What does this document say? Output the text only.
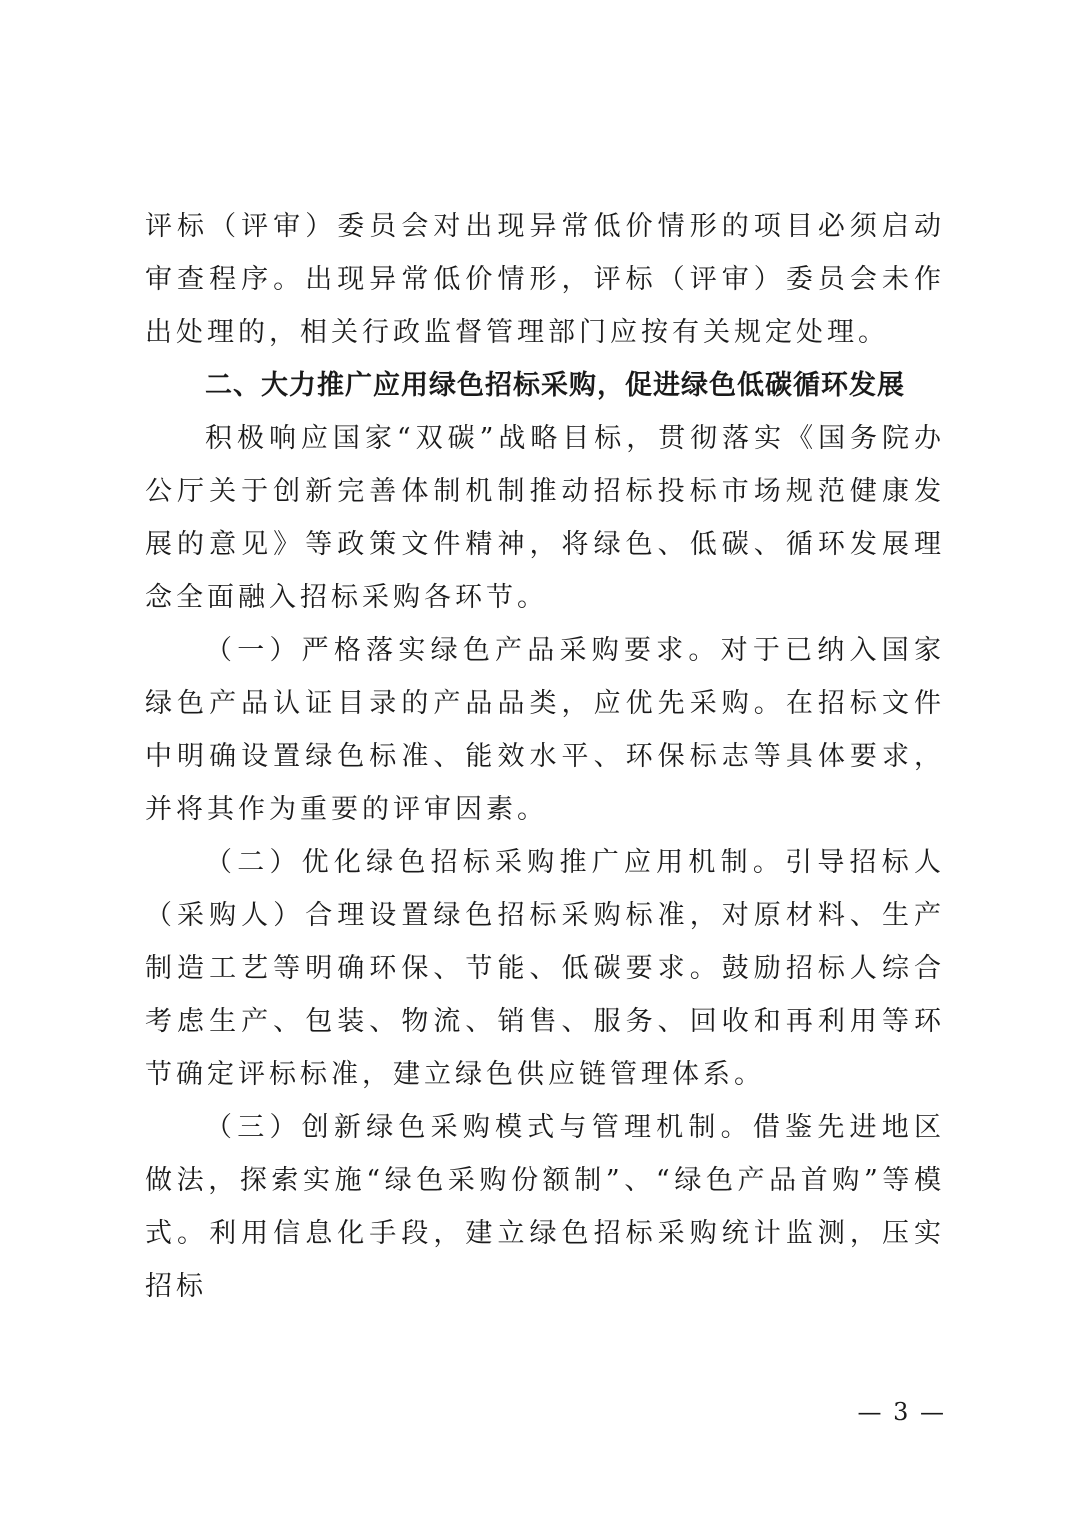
评标（评审）委员会对出现异常低价情形的项目必须启动审查程序。出现异常低价情形，评标（评审）委员会未作出处理的，相关行政监督管理部门应按有关规定处理。

二、大力推广应用绿色招标采购，促进绿色低碳循环发展

积极响应国家“双碳”战略目标，贯彻落实《国务院办公厅关于创新完善体制机制推动招标投标市场规范健康发展的意见》等政策文件精神，将绿色、低碳、循环发展理念全面融入招标采购各环节。

（一）严格落实绿色产品采购要求。对于已纳入国家绿色产品认证目录的产品品类，应优先采购。在招标文件中明确设置绿色标准、能效水平、环保标志等具体要求，并将其作为重要的评审因素。

（二）优化绿色招标采购推广应用机制。引导招标人（采购人）合理设置绿色招标采购标准，对原材料、生产制造工艺等明确环保、节能、低碳要求。鼓励招标人综合考虑生产、包装、物流、销售、服务、回收和再利用等环节确定评标标准，建立绿色供应链管理体系。

（三）创新绿色采购模式与管理机制。借鉴先进地区做法，探索实施“绿色采购份额制”、“绿色产品首购”等模式。利用信息化手段，建立绿色招标采购统计监测，压实招标

— 3 —
